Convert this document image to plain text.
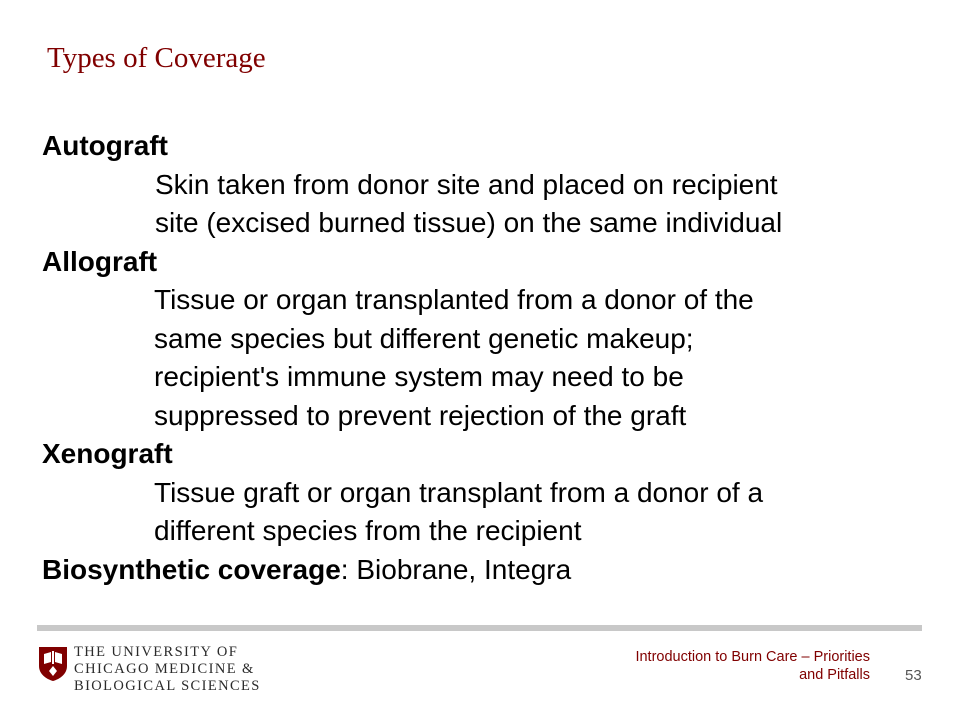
Types of Coverage
Autograft
Skin taken from donor site and placed on recipient
site (excised burned tissue) on the same individual
Allograft
Tissue or organ transplanted from a donor of the
same species but different genetic makeup;
recipient's immune system may need to be
suppressed to prevent rejection of the graft
Xenograft
Tissue graft or organ transplant from a donor of a
different species from the recipient
Biosynthetic coverage: Biobrane, Integra
THE UNIVERSITY OF
CHICAGO MEDICINE &
BIOLOGICAL SCIENCES
Introduction to Burn Care – Priorities
and Pitfalls 53
